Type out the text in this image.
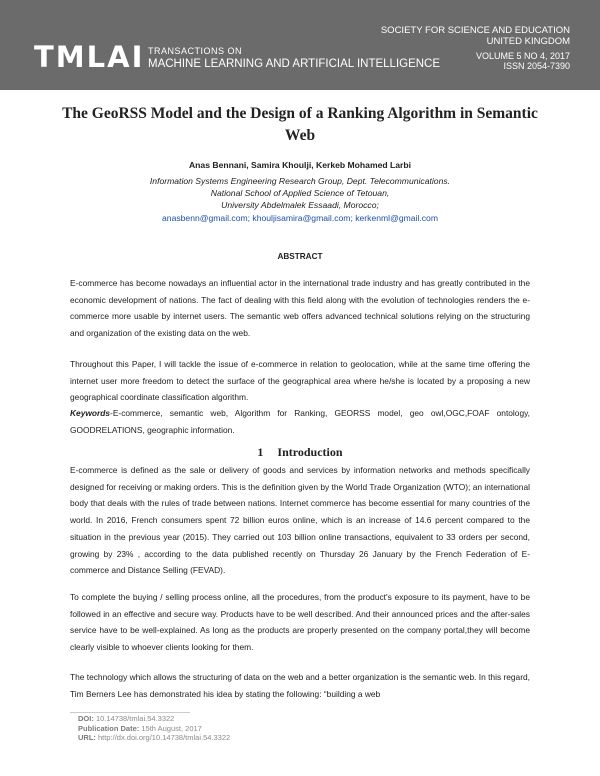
TMLAI TRANSACTIONS ON
MACHINE LEARNING AND ARTIFICIAL INTELLIGENCE
SOCIETY FOR SCIENCE AND EDUCATION
UNITED KINGDOM
VOLUME 5 NO 4, 2017
ISSN 2054-7390
The GeoRSS Model and the Design of a Ranking Algorithm in Semantic Web
Anas Bennani, Samira Khoulji, Kerkeb Mohamed Larbi
Information Systems Engineering Research Group, Dept. Telecommunications.
National School of Applied Science of Tetouan,
University Abdelmalek Essaadi, Morocco;
anasbenn@gmail.com; khouljisamira@gmail.com; kerkenml@gmail.com
ABSTRACT

E-commerce has become nowadays an influential actor in the international trade industry and has greatly contributed in the economic development of nations. The fact of dealing with this field along with the evolution of technologies renders the e-commerce more usable by internet users. The semantic web offers advanced technical solutions relying on the structuring and organization of the existing data on the web.

Throughout this Paper, I will tackle the issue of e-commerce in relation to geolocation, while at the same time offering the internet user more freedom to detect the surface of the geographical area where he/she is located by a proposing a new geographical coordinate classification algorithm.

Keywords-E-commerce, semantic web, Algorithm for Ranking, GEORSS model, geo owl,OGC,FOAF ontology, GOODRELATIONS, geographic information.

1 Introduction

E-commerce is defined as the sale or delivery of goods and services by information networks and methods specifically designed for receiving or making orders. This is the definition given by the World Trade Organization (WTO); an international body that deals with the rules of trade between nations. Internet commerce has become essential for many countries of the world. In 2016, French consumers spent 72 billion euros online, which is an increase of 14.6 percent compared to the situation in the previous year (2015). They carried out 103 billion online transactions, equivalent to 33 orders per second, growing by 23% , according to the data published recently on Thursday 26 January by the French Federation of E-commerce and Distance Selling (FEVAD).

To complete the buying / selling process online, all the procedures, from the product's exposure to its payment, have to be followed in an effective and secure way. Products have to be well described. And their announced prices and the after-sales service have to be well-explained. As long as the products are properly presented on the company portal,they will become clearly visible to whoever clients looking for them.

The technology which allows the structuring of data on the web and a better organization is the semantic web. In this regard, Tim Berners Lee has demonstrated his idea by stating the following: “building a web

DOI: 10.14738/tmlai.54.3322
Publication Date: 15th August, 2017
URL: http://dx.doi.org/10.14738/tmlai.54.3322
